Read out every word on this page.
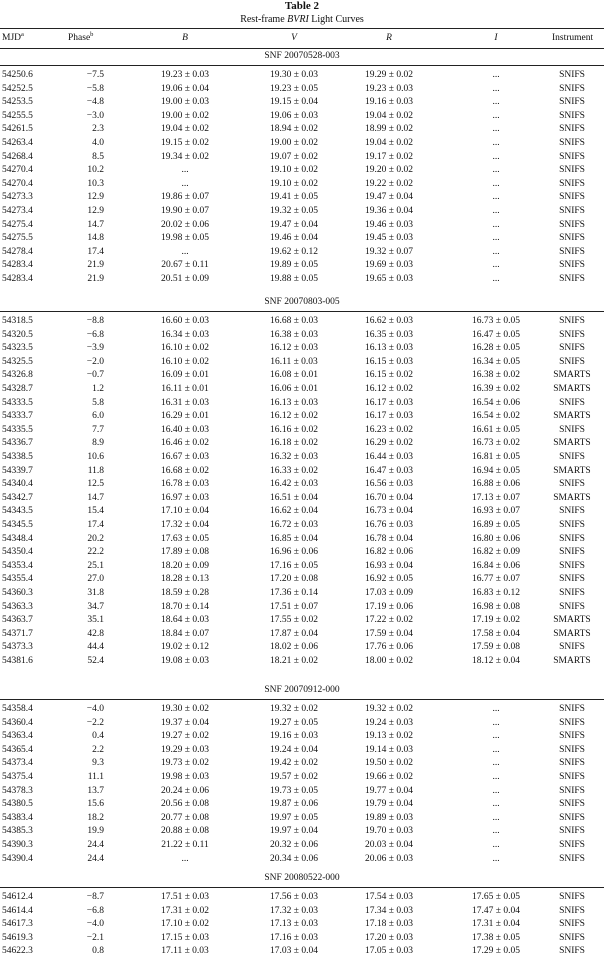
Table 2
Rest-frame BVRI Light Curves
MJD$^a$	Phase$^b$	B	V	R	I	Instrument
SNF 20070528-003
54250.6	−7.5	19.23 ± 0.03	19.30 ± 0.03	19.29 ± 0.02	...	SNIFS
54252.5	−5.8	19.06 ± 0.04	19.23 ± 0.05	19.23 ± 0.03	...	SNIFS
54253.5	−4.8	19.00 ± 0.03	19.15 ± 0.04	19.16 ± 0.03	...	SNIFS
54255.5	−3.0	19.00 ± 0.02	19.06 ± 0.03	19.04 ± 0.02	...	SNIFS
54261.5	2.3	19.04 ± 0.02	18.94 ± 0.02	18.99 ± 0.02	...	SNIFS
54263.4	4.0	19.15 ± 0.02	19.00 ± 0.02	19.04 ± 0.02	...	SNIFS
54268.4	8.5	19.34 ± 0.02	19.07 ± 0.02	19.17 ± 0.02	...	SNIFS
54270.4	10.2	...	19.10 ± 0.02	19.20 ± 0.02	...	SNIFS
54270.4	10.3	...	19.10 ± 0.02	19.22 ± 0.02	...	SNIFS
54273.3	12.9	19.86 ± 0.07	19.41 ± 0.05	19.47 ± 0.04	...	SNIFS
54273.4	12.9	19.90 ± 0.07	19.32 ± 0.05	19.36 ± 0.04	...	SNIFS
54275.4	14.7	20.02 ± 0.06	19.47 ± 0.04	19.46 ± 0.03	...	SNIFS
54275.5	14.8	19.98 ± 0.05	19.46 ± 0.04	19.45 ± 0.03	...	SNIFS
54278.4	17.4	...	19.62 ± 0.12	19.32 ± 0.07	...	SNIFS
54283.4	21.9	20.67 ± 0.11	19.89 ± 0.05	19.69 ± 0.03	...	SNIFS
54283.4	21.9	20.51 ± 0.09	19.88 ± 0.05	19.65 ± 0.03	...	SNIFS
SNF 20070803-005
54318.5	−8.8	16.60 ± 0.03	16.68 ± 0.03	16.62 ± 0.03	16.73 ± 0.05	SNIFS
54320.5	−6.8	16.34 ± 0.03	16.38 ± 0.03	16.35 ± 0.03	16.47 ± 0.05	SNIFS
54323.5	−3.9	16.10 ± 0.02	16.12 ± 0.03	16.13 ± 0.03	16.28 ± 0.05	SNIFS
54325.5	−2.0	16.10 ± 0.02	16.11 ± 0.03	16.15 ± 0.03	16.34 ± 0.05	SNIFS
54326.8	−0.7	16.09 ± 0.01	16.08 ± 0.01	16.15 ± 0.02	16.38 ± 0.02	SMARTS
54328.7	1.2	16.11 ± 0.01	16.06 ± 0.01	16.12 ± 0.02	16.39 ± 0.02	SMARTS
54333.5	5.8	16.31 ± 0.03	16.13 ± 0.03	16.17 ± 0.03	16.54 ± 0.06	SNIFS
54333.7	6.0	16.29 ± 0.01	16.12 ± 0.02	16.17 ± 0.03	16.54 ± 0.02	SMARTS
54335.5	7.7	16.40 ± 0.03	16.16 ± 0.02	16.23 ± 0.02	16.61 ± 0.05	SNIFS
54336.7	8.9	16.46 ± 0.02	16.18 ± 0.02	16.29 ± 0.02	16.73 ± 0.02	SMARTS
54338.5	10.6	16.67 ± 0.03	16.32 ± 0.03	16.44 ± 0.03	16.81 ± 0.05	SNIFS
54339.7	11.8	16.68 ± 0.02	16.33 ± 0.02	16.47 ± 0.03	16.94 ± 0.05	SMARTS
54340.4	12.5	16.78 ± 0.03	16.42 ± 0.03	16.56 ± 0.03	16.88 ± 0.06	SNIFS
54342.7	14.7	16.97 ± 0.03	16.51 ± 0.04	16.70 ± 0.04	17.13 ± 0.07	SMARTS
54343.5	15.4	17.10 ± 0.04	16.62 ± 0.04	16.73 ± 0.04	16.93 ± 0.07	SNIFS
54345.5	17.4	17.32 ± 0.04	16.72 ± 0.03	16.76 ± 0.03	16.89 ± 0.05	SNIFS
54348.4	20.2	17.63 ± 0.05	16.85 ± 0.04	16.78 ± 0.04	16.80 ± 0.06	SNIFS
54350.4	22.2	17.89 ± 0.08	16.96 ± 0.06	16.82 ± 0.06	16.82 ± 0.09	SNIFS
54353.4	25.1	18.20 ± 0.09	17.16 ± 0.05	16.93 ± 0.04	16.84 ± 0.06	SNIFS
54355.4	27.0	18.28 ± 0.13	17.20 ± 0.08	16.92 ± 0.05	16.77 ± 0.07	SNIFS
54360.3	31.8	18.59 ± 0.28	17.36 ± 0.14	17.03 ± 0.09	16.83 ± 0.12	SNIFS
54363.3	34.7	18.70 ± 0.14	17.51 ± 0.07	17.19 ± 0.06	16.98 ± 0.08	SNIFS
54363.7	35.1	18.64 ± 0.03	17.55 ± 0.02	17.22 ± 0.02	17.19 ± 0.02	SMARTS
54371.7	42.8	18.84 ± 0.07	17.87 ± 0.04	17.59 ± 0.04	17.58 ± 0.04	SMARTS
54373.3	44.4	19.02 ± 0.12	18.02 ± 0.06	17.76 ± 0.06	17.59 ± 0.08	SNIFS
54381.6	52.4	19.08 ± 0.03	18.21 ± 0.02	18.00 ± 0.02	18.12 ± 0.04	SMARTS
SNF 20070912-000
54358.4	−4.0	19.30 ± 0.02	19.32 ± 0.02	19.32 ± 0.02	...	SNIFS
54360.4	−2.2	19.37 ± 0.04	19.27 ± 0.05	19.24 ± 0.03	...	SNIFS
54363.4	0.4	19.27 ± 0.02	19.16 ± 0.03	19.13 ± 0.02	...	SNIFS
54365.4	2.2	19.29 ± 0.03	19.24 ± 0.04	19.14 ± 0.03	...	SNIFS
54373.4	9.3	19.73 ± 0.02	19.42 ± 0.02	19.50 ± 0.02	...	SNIFS
54375.4	11.1	19.98 ± 0.03	19.57 ± 0.02	19.66 ± 0.02	...	SNIFS
54378.3	13.7	20.24 ± 0.06	19.73 ± 0.05	19.77 ± 0.04	...	SNIFS
54380.5	15.6	20.56 ± 0.08	19.87 ± 0.06	19.79 ± 0.04	...	SNIFS
54383.4	18.2	20.77 ± 0.08	19.97 ± 0.05	19.89 ± 0.03	...	SNIFS
54385.3	19.9	20.88 ± 0.08	19.97 ± 0.04	19.70 ± 0.03	...	SNIFS
54390.3	24.4	21.22 ± 0.11	20.32 ± 0.06	20.03 ± 0.04	...	SNIFS
54390.4	24.4	...	20.34 ± 0.06	20.06 ± 0.03	...	SNIFS
SNF 20080522-000
54612.4	−8.7	17.51 ± 0.03	17.56 ± 0.03	17.54 ± 0.03	17.65 ± 0.05	SNIFS
54614.4	−6.8	17.31 ± 0.02	17.32 ± 0.03	17.34 ± 0.03	17.47 ± 0.04	SNIFS
54617.3	−4.0	17.10 ± 0.02	17.13 ± 0.03	17.18 ± 0.03	17.31 ± 0.04	SNIFS
54619.3	−2.1	17.15 ± 0.03	17.16 ± 0.03	17.20 ± 0.03	17.38 ± 0.05	SNIFS
54622.3	0.8	17.11 ± 0.03	17.03 ± 0.04	17.05 ± 0.03	17.29 ± 0.05	SNIFS
